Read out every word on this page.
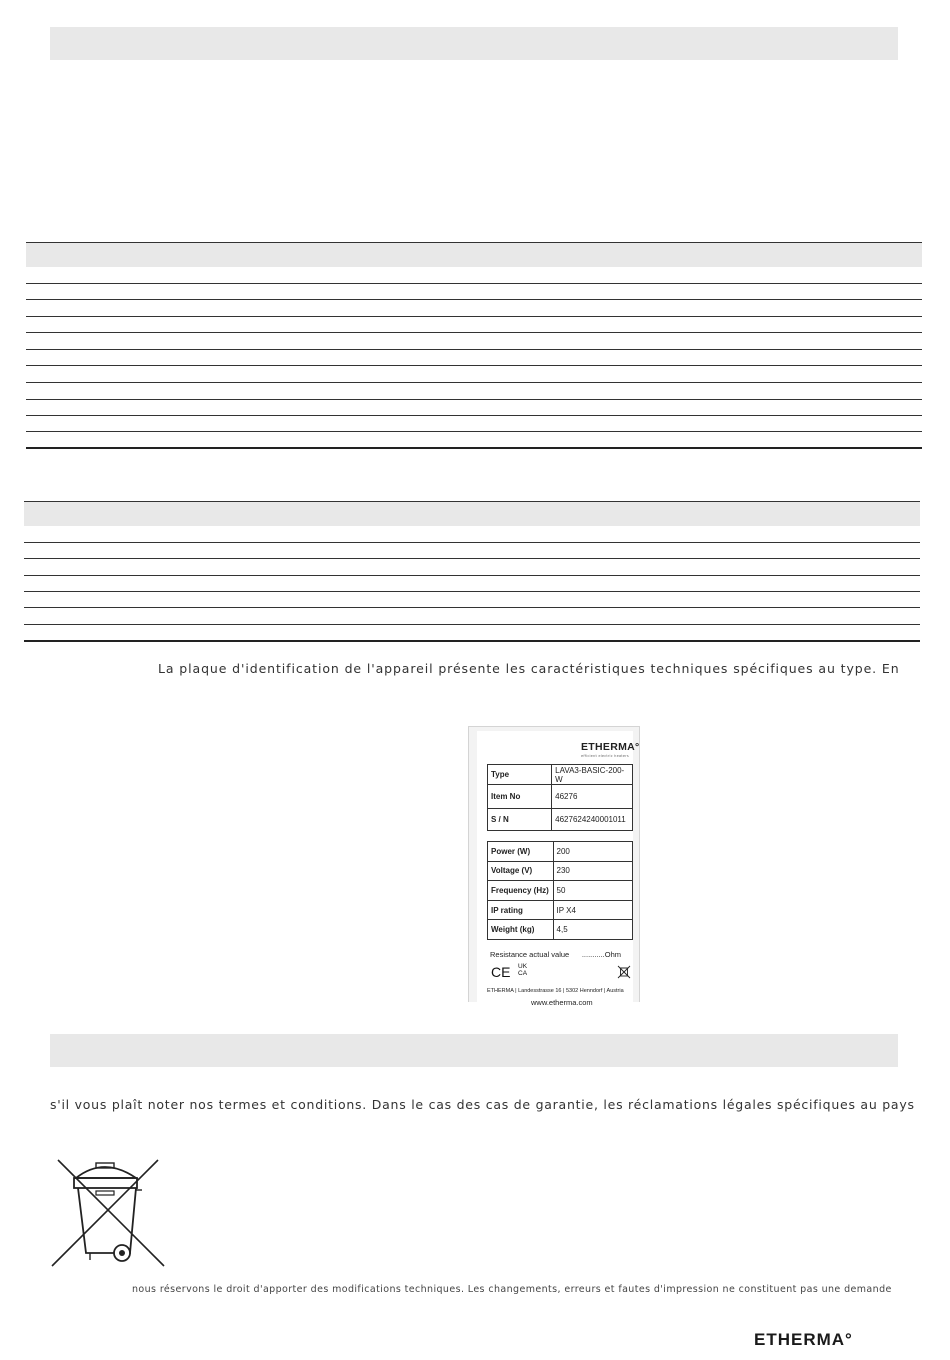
La plaque d'identification de l'appareil présente les caractéristiques techniques spécifiques au type. En
ETHERMA°
efficient electric heaters
Type	LAVA3-BASIC-200-W
Item No	46276
S / N	4627624240001011
Power (W)	200
Voltage (V)	230
Frequency (Hz)	50
IP rating	IP X4
Weight (kg)	4,5
Resistance actual value ...........Ohm
CE UK CA
ETHERMA | Landesstrasse 16 | 5302 Henndorf | Austria
www.etherma.com
s'il vous plaît noter nos termes et conditions. Dans le cas des cas de garantie, les réclamations légales spécifiques au pays
nous réservons le droit d'apporter des modifications techniques. Les changements, erreurs et fautes d'impression ne constituent pas une demande
ETHERMA°
